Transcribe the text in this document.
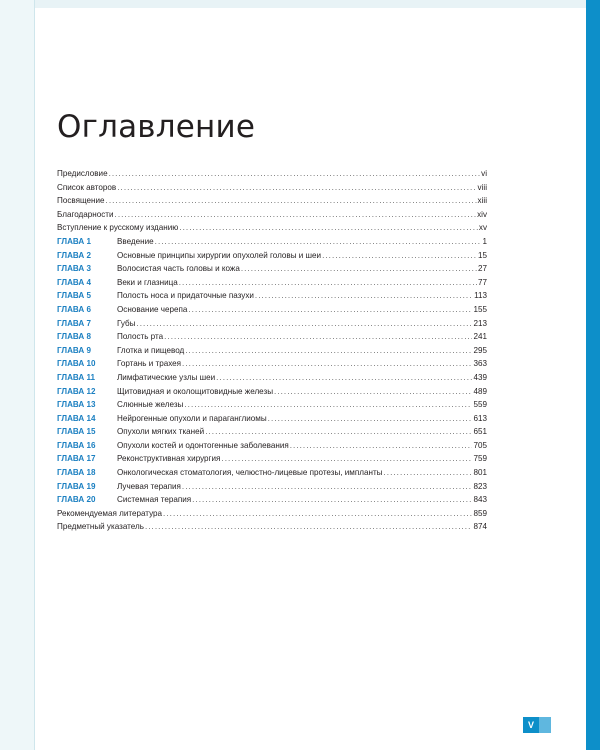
Оглавление
Предисловие . . .	vi
Список авторов . . .	viii
Посвящение . . .	xiii
Благодарности . . .	xiv
Вступление к русскому изданию . . .	xv
ГЛАВА 1	Введение . . .	1
ГЛАВА 2	Основные принципы хирургии опухолей головы и шеи . . .	15
ГЛАВА 3	Волосистая часть головы и кожа . . .	27
ГЛАВА 4	Веки и глазница . . .	77
ГЛАВА 5	Полость носа и придаточные пазухи . . .	113
ГЛАВА 6	Основание черепа . . .	155
ГЛАВА 7	Губы . . .	213
ГЛАВА 8	Полость рта . . .	241
ГЛАВА 9	Глотка и пищевод . . .	295
ГЛАВА 10	Гортань и трахея . . .	363
ГЛАВА 11	Лимфатические узлы шеи . . .	439
ГЛАВА 12	Щитовидная и околощитовидные железы . . .	489
ГЛАВА 13	Слюнные железы . . .	559
ГЛАВА 14	Нейрогенные опухоли и параганглиомы . . .	613
ГЛАВА 15	Опухоли мягких тканей . . .	651
ГЛАВА 16	Опухоли костей и одонтогенные заболевания . . .	705
ГЛАВА 17	Реконструктивная хирургия . . .	759
ГЛАВА 18	Онкологическая стоматология, челюстно-лицевые протезы, импланты . . .	801
ГЛАВА 19	Лучевая терапия . . .	823
ГЛАВА 20	Системная терапия . . .	843
Рекомендуемая литература . . .	859
Предметный указатель . . .	874
V
